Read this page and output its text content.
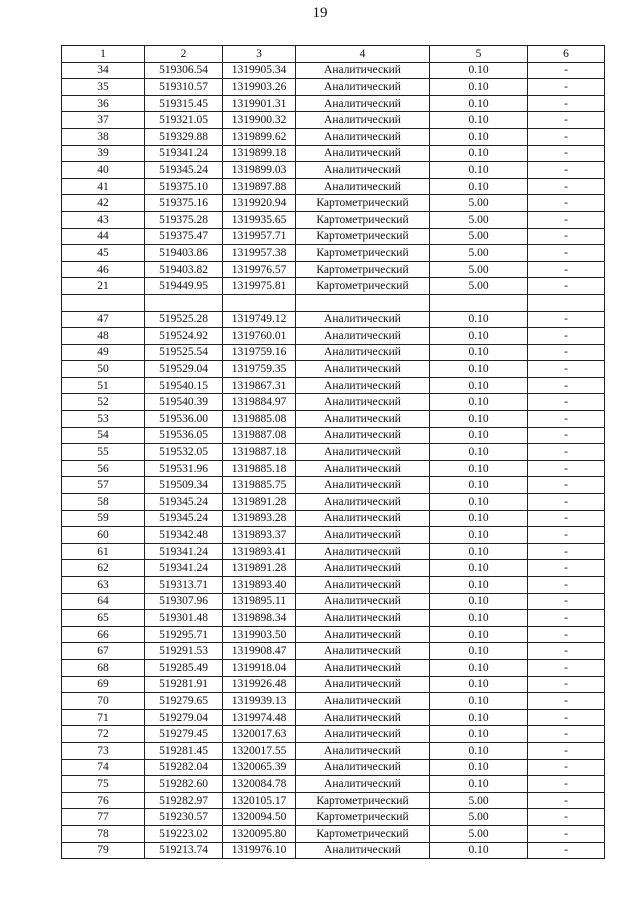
19
1	2	3	4	5	6
34	519306.54	1319905.34	Аналитический	0.10	-
35	519310.57	1319903.26	Аналитический	0.10	-
36	519315.45	1319901.31	Аналитический	0.10	-
37	519321.05	1319900.32	Аналитический	0.10	-
38	519329.88	1319899.62	Аналитический	0.10	-
39	519341.24	1319899.18	Аналитический	0.10	-
40	519345.24	1319899.03	Аналитический	0.10	-
41	519375.10	1319897.88	Аналитический	0.10	-
42	519375.16	1319920.94	Картометрический	5.00	-
43	519375.28	1319935.65	Картометрический	5.00	-
44	519375.47	1319957.71	Картометрический	5.00	-
45	519403.86	1319957.38	Картометрический	5.00	-
46	519403.82	1319976.57	Картометрический	5.00	-
21	519449.95	1319975.81	Картометрический	5.00	-

47	519525.28	1319749.12	Аналитический	0.10	-
48	519524.92	1319760.01	Аналитический	0.10	-
49	519525.54	1319759.16	Аналитический	0.10	-
50	519529.04	1319759.35	Аналитический	0.10	-
51	519540.15	1319867.31	Аналитический	0.10	-
52	519540.39	1319884.97	Аналитический	0.10	-
53	519536.00	1319885.08	Аналитический	0.10	-
54	519536.05	1319887.08	Аналитический	0.10	-
55	519532.05	1319887.18	Аналитический	0.10	-
56	519531.96	1319885.18	Аналитический	0.10	-
57	519509.34	1319885.75	Аналитический	0.10	-
58	519345.24	1319891.28	Аналитический	0.10	-
59	519345.24	1319893.28	Аналитический	0.10	-
60	519342.48	1319893.37	Аналитический	0.10	-
61	519341.24	1319893.41	Аналитический	0.10	-
62	519341.24	1319891.28	Аналитический	0.10	-
63	519313.71	1319893.40	Аналитический	0.10	-
64	519307.96	1319895.11	Аналитический	0.10	-
65	519301.48	1319898.34	Аналитический	0.10	-
66	519295.71	1319903.50	Аналитический	0.10	-
67	519291.53	1319908.47	Аналитический	0.10	-
68	519285.49	1319918.04	Аналитический	0.10	-
69	519281.91	1319926.48	Аналитический	0.10	-
70	519279.65	1319939.13	Аналитический	0.10	-
71	519279.04	1319974.48	Аналитический	0.10	-
72	519279.45	1320017.63	Аналитический	0.10	-
73	519281.45	1320017.55	Аналитический	0.10	-
74	519282.04	1320065.39	Аналитический	0.10	-
75	519282.60	1320084.78	Аналитический	0.10	-
76	519282.97	1320105.17	Картометрический	5.00	-
77	519230.57	1320094.50	Картометрический	5.00	-
78	519223.02	1320095.80	Картометрический	5.00	-
79	519213.74	1319976.10	Аналитический	0.10	-
